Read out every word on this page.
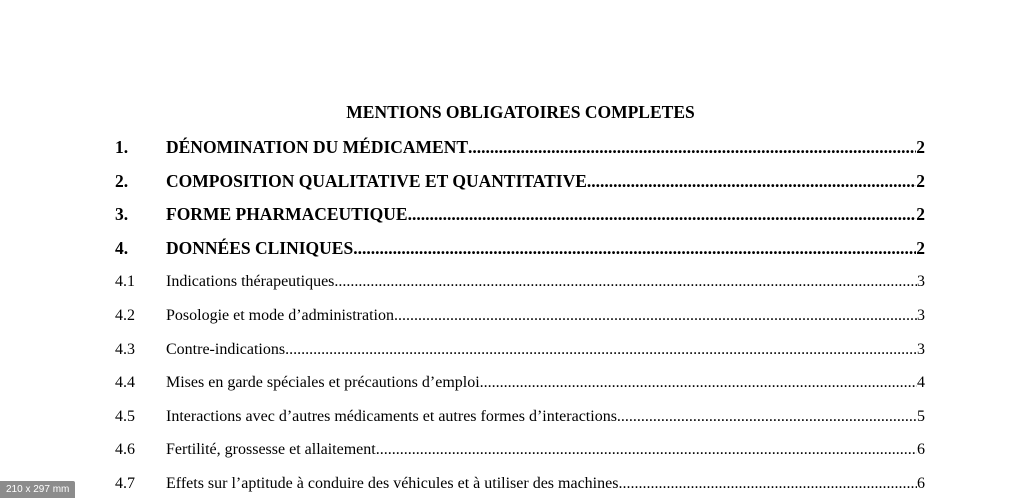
MENTIONS OBLIGATOIRES COMPLETES
1.	DÉNOMINATION DU MÉDICAMENT .....	2
2.	COMPOSITION QUALITATIVE ET QUANTITATIVE .....	2
3.	FORME PHARMACEUTIQUE .....	2
4.	DONNÉES CLINIQUES .....	2
4.1	Indications thérapeutiques .....	3
4.2	Posologie et mode d’administration .....	3
4.3	Contre-indications .....	3
4.4	Mises en garde spéciales et précautions d’emploi .....	4
4.5	Interactions avec d’autres médicaments et autres formes d’interactions .....	5
4.6	Fertilité, grossesse et allaitement .....	6
4.7	Effets sur l’aptitude à conduire des véhicules et à utiliser des machines .....	6
210 x 297 mm
